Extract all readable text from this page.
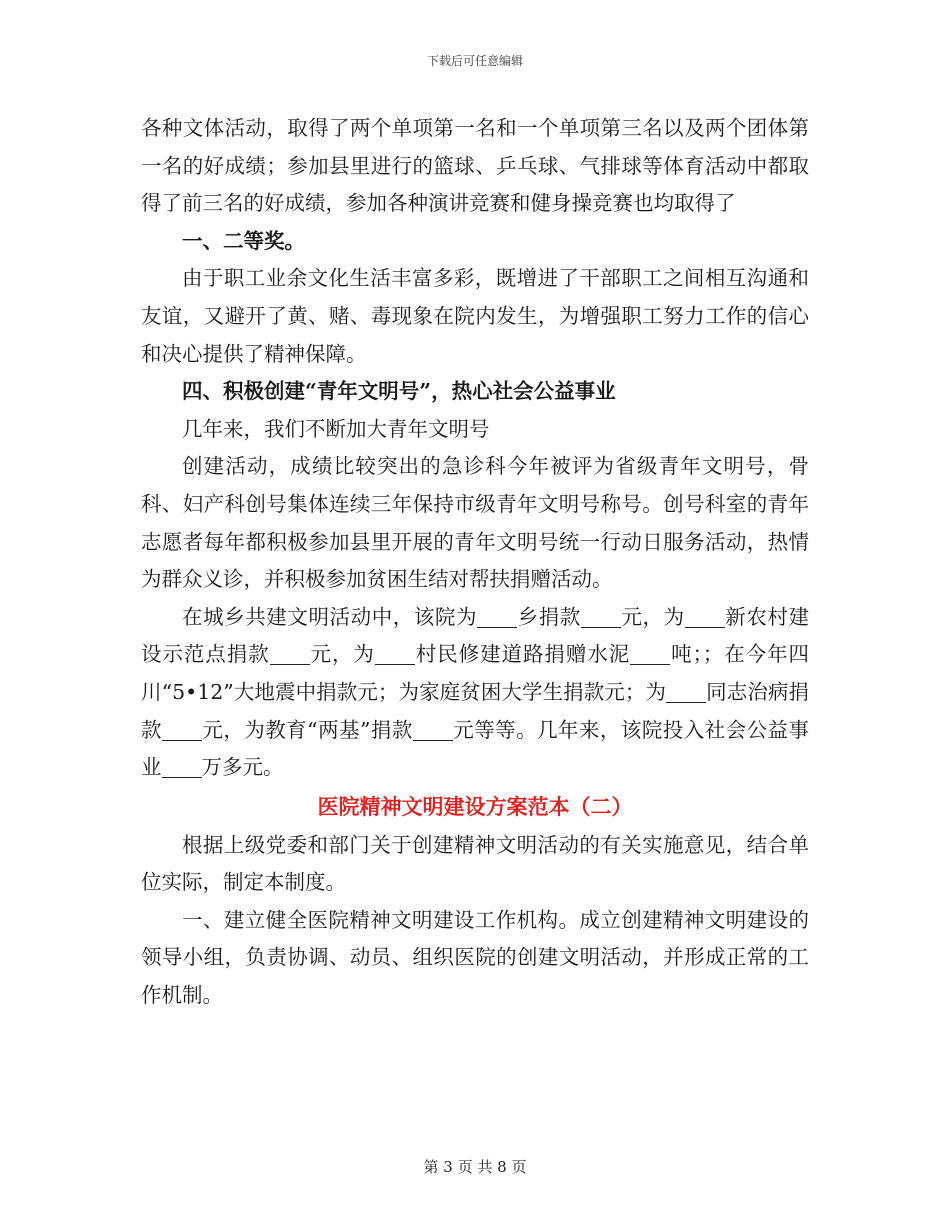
下载后可任意编辑

各种文体活动，取得了两个单项第一名和一个单项第三名以及两个团体第一名的好成绩；参加县里进行的篮球、乒乓球、气排球等体育活动中都取得了前三名的好成绩，参加各种演讲竞赛和健身操竞赛也均取得了

一、二等奖。

由于职工业余文化生活丰富多彩，既增进了干部职工之间相互沟通和友谊，又避开了黄、赌、毒现象在院内发生，为增强职工努力工作的信心和决心提供了精神保障。

四、积极创建“青年文明号”，热心社会公益事业

几年来，我们不断加大青年文明号

创建活动，成绩比较突出的急诊科今年被评为省级青年文明号，骨科、妇产科创号集体连续三年保持市级青年文明号称号。创号科室的青年志愿者每年都积极参加县里开展的青年文明号统一行动日服务活动，热情为群众义诊，并积极参加贫困生结对帮扶捐赠活动。

在城乡共建文明活动中，该院为 乡捐款 元，为 新农村建设示范点捐款 元，为 村民修建道路捐赠水泥 吨；；在今年四川“5•12”大地震中捐款元；为家庭贫困大学生捐款元；为 同志治病捐款 元，为教育“两基”捐款 元等等。几年来，该院投入社会公益事业 万多元。

医院精神文明建设方案范本（二）

根据上级党委和部门关于创建精神文明活动的有关实施意见，结合单位实际，制定本制度。

一、建立健全医院精神文明建设工作机构。成立创建精神文明建设的领导小组，负责协调、动员、组织医院的创建文明活动，并形成正常的工作机制。

第 3 页 共 8 页
